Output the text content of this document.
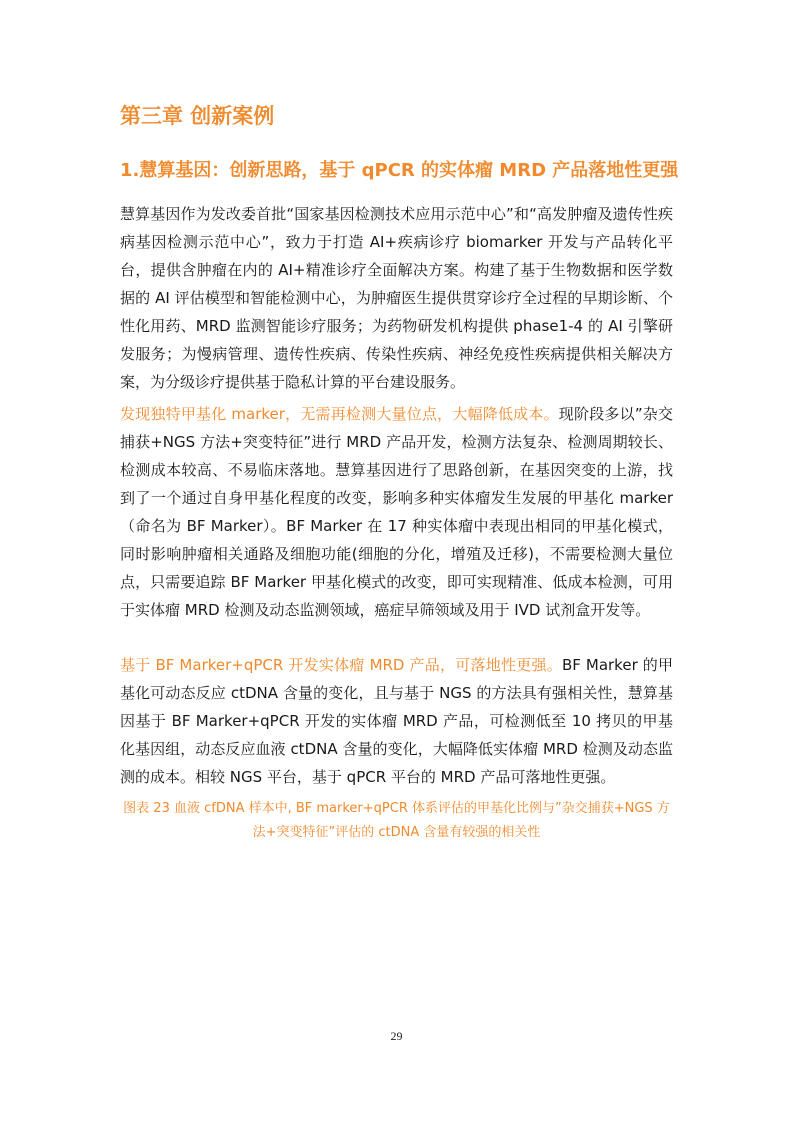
第三章 创新案例
1.慧算基因：创新思路，基于 qPCR 的实体瘤 MRD 产品落地性更强

慧算基因作为发改委首批“国家基因检测技术应用示范中心”和“高发肿瘤及遗传性疾病基因检测示范中心”，致力于打造 AI+疾病诊疗 biomarker 开发与产品转化平台，提供含肿瘤在内的 AI+精准诊疗全面解决方案。构建了基于生物数据和医学数据的 AI 评估模型和智能检测中心，为肿瘤医生提供贯穿诊疗全过程的早期诊断、个性化用药、MRD 监测智能诊疗服务；为药物研发机构提供 phase1-4 的 AI 引擎研发服务；为慢病管理、遗传性疾病、传染性疾病、神经免疫性疾病提供相关解决方案，为分级诊疗提供基于隐私计算的平台建设服务。

发现独特甲基化 marker，无需再检测大量位点，大幅降低成本。现阶段多以”杂交捕获+NGS 方法+突变特征”进行 MRD 产品开发，检测方法复杂、检测周期较长、检测成本较高、不易临床落地。慧算基因进行了思路创新，在基因突变的上游，找到了一个通过自身甲基化程度的改变，影响多种实体瘤发生发展的甲基化 marker（命名为 BF Marker）。BF Marker 在 17 种实体瘤中表现出相同的甲基化模式，同时影响肿瘤相关通路及细胞功能(细胞的分化，增殖及迁移)，不需要检测大量位点，只需要追踪 BF Marker 甲基化模式的改变，即可实现精准、低成本检测，可用于实体瘤 MRD 检测及动态监测领域，癌症早筛领域及用于 IVD 试剂盒开发等。

基于 BF Marker+qPCR 开发实体瘤 MRD 产品，可落地性更强。BF Marker 的甲基化可动态反应 ctDNA 含量的变化，且与基于 NGS 的方法具有强相关性，慧算基因基于 BF Marker+qPCR 开发的实体瘤 MRD 产品，可检测低至 10 拷贝的甲基化基因组，动态反应血液 ctDNA 含量的变化，大幅降低实体瘤 MRD 检测及动态监测的成本。相较 NGS 平台，基于 qPCR 平台的 MRD 产品可落地性更强。

图表 23 血液 cfDNA 样本中, BF marker+qPCR 体系评估的甲基化比例与”杂交捕获+NGS 方法+突变特征”评估的 ctDNA 含量有较强的相关性

29
